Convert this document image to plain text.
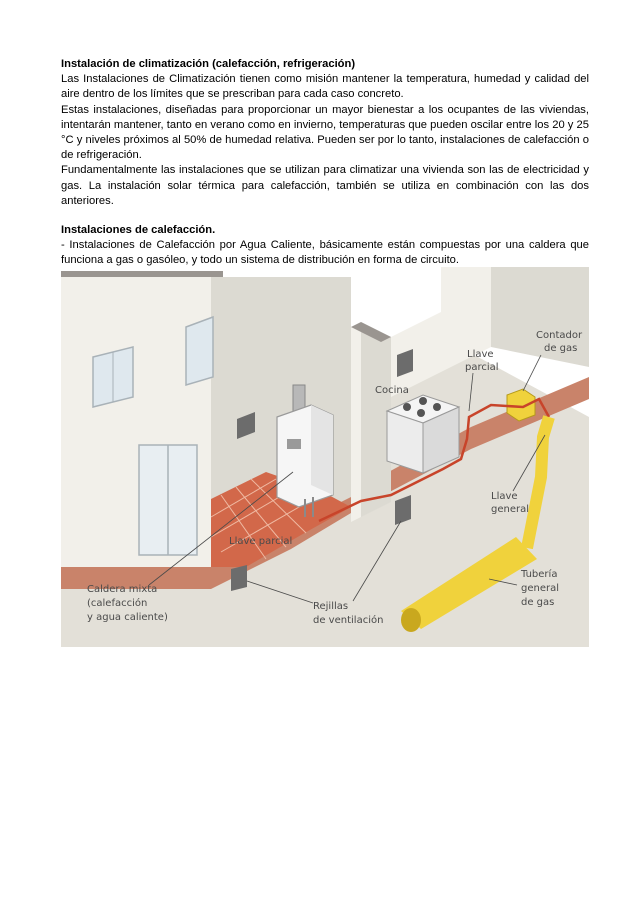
Instalación de climatización (calefacción, refrigeración)

Las Instalaciones de Climatización tienen como misión mantener la temperatura, humedad y calidad del aire dentro de los límites que se prescriban para cada caso concreto.

Estas instalaciones, diseñadas para proporcionar un mayor bienestar a los ocupantes de las viviendas, intentarán mantener, tanto en verano como en invierno, temperaturas que pueden oscilar entre los 20 y 25 °C y niveles próximos al 50% de humedad relativa. Pueden ser por lo tanto, instalaciones de calefacción o de refrigeración.

Fundamentalmente las instalaciones que se utilizan para climatizar una vivienda son las de electricidad y gas. La instalación solar térmica para calefacción, también se utiliza en combinación con las dos anteriores.

Instalaciones de calefacción.

- Instalaciones de Calefacción por Agua Caliente, básicamente están compuestas por una caldera que funciona a gas o gasóleo, y todo un sistema de distribución en forma de circuito.

Contador
de gas
Llave
parcial
Cocina
Llave
general
Llave parcial
Caldera mixta
(calefacción
y agua caliente)
Rejillas
de ventilación
Tubería
general
de gas
